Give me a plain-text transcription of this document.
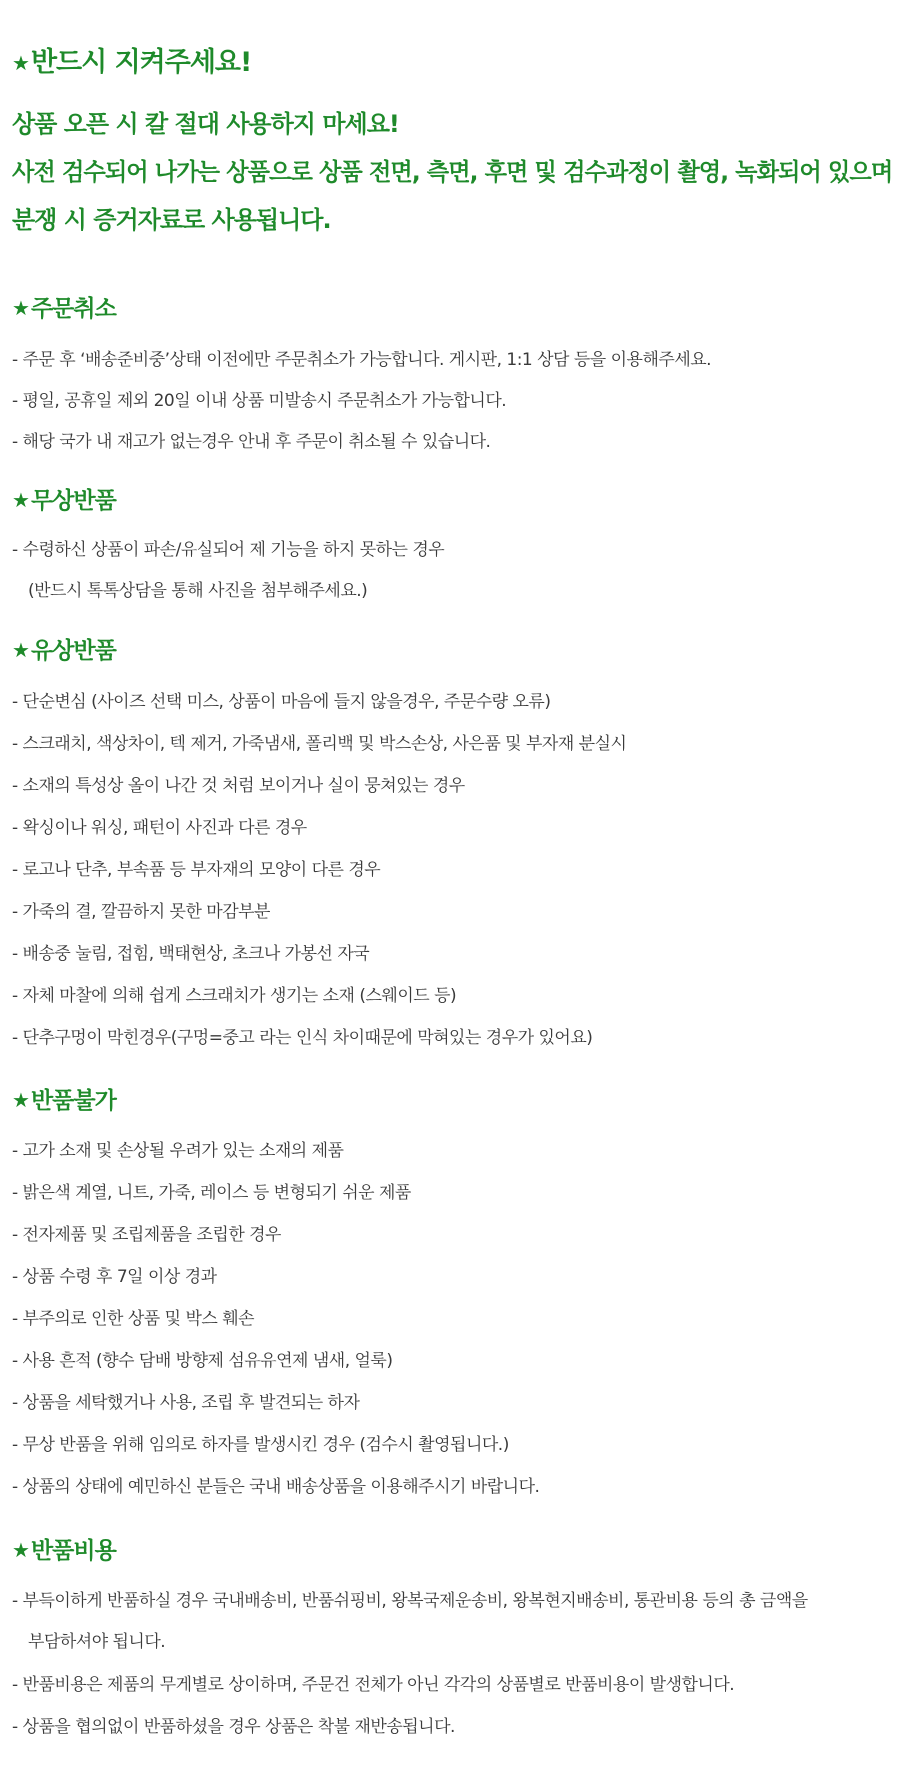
★반드시 지켜주세요!
상품 오픈 시 칼 절대 사용하지 마세요!
사전 검수되어 나가는 상품으로 상품 전면, 측면, 후면 및 검수과정이 촬영, 녹화되어 있으며
분쟁 시 증거자료로 사용됩니다.
★주문취소
- 주문 후 ‘배송준비중’상태 이전에만 주문취소가 가능합니다. 게시판, 1:1 상담 등을 이용해주세요.
- 평일, 공휴일 제외 20일 이내 상품 미발송시 주문취소가 가능합니다.
- 해당 국가 내 재고가 없는경우 안내 후 주문이 취소될 수 있습니다.
★무상반품
- 수령하신 상품이 파손/유실되어 제 기능을 하지 못하는 경우
(반드시 톡톡상담을 통해 사진을 첨부해주세요.)
★유상반품
- 단순변심 (사이즈 선택 미스, 상품이 마음에 들지 않을경우, 주문수량 오류)
- 스크래치, 색상차이, 텍 제거, 가죽냄새, 폴리백 및 박스손상, 사은품 및 부자재 분실시
- 소재의 특성상 올이 나간 것 처럼 보이거나 실이 뭉쳐있는 경우
- 왁싱이나 워싱, 패턴이 사진과 다른 경우
- 로고나 단추, 부속품 등 부자재의 모양이 다른 경우
- 가죽의 결, 깔끔하지 못한 마감부분
- 배송중 눌림, 접힘, 백태현상, 초크나 가봉선 자국
- 자체 마찰에 의해 쉽게 스크래치가 생기는 소재 (스웨이드 등)
- 단추구멍이 막힌경우(구멍=중고 라는 인식 차이때문에 막혀있는 경우가 있어요)
★반품불가
- 고가 소재 및 손상될 우려가 있는 소재의 제품
- 밝은색 계열, 니트, 가죽, 레이스 등 변형되기 쉬운 제품
- 전자제품 및 조립제품을 조립한 경우
- 상품 수령 후 7일 이상 경과
- 부주의로 인한 상품 및 박스 훼손
- 사용 흔적 (향수 담배 방향제 섬유유연제 냄새, 얼룩)
- 상품을 세탁했거나 사용, 조립 후 발견되는 하자
- 무상 반품을 위해 임의로 하자를 발생시킨 경우 (검수시 촬영됩니다.)
- 상품의 상태에 예민하신 분들은 국내 배송상품을 이용해주시기 바랍니다.
★반품비용
- 부득이하게 반품하실 경우 국내배송비, 반품쉬핑비, 왕복국제운송비, 왕복현지배송비, 통관비용 등의 총 금액을
부담하셔야 됩니다.
- 반품비용은 제품의 무게별로 상이하며, 주문건 전체가 아닌 각각의 상품별로 반품비용이 발생합니다.
- 상품을 협의없이 반품하셨을 경우 상품은 착불 재반송됩니다.
